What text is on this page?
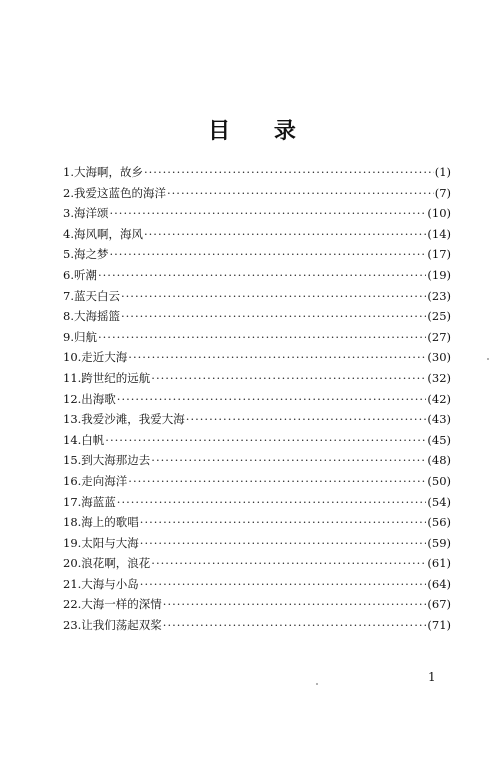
目 录
1. 大海啊，故乡 ·····	(1)
2. 我爱这蓝色的海洋 ·····	(7)
3. 海洋颂 ·····	(10)
4. 海风啊，海风 ·····	(14)
5. 海之梦 ·····	(17)
6. 听潮 ·····	(19)
7. 蓝天白云 ·····	(23)
8. 大海摇篮 ·····	(25)
9. 归航 ·····	(27)
10. 走近大海 ·····	(30)
11. 跨世纪的远航 ·····	(32)
12. 出海歌 ·····	(42)
13. 我爱沙滩，我爱大海 ·····	(43)
14. 白帆 ·····	(45)
15. 到大海那边去 ·····	(48)
16. 走向海洋 ·····	(50)
17. 海蓝蓝 ·····	(54)
18. 海上的歌唱 ·····	(56)
19. 太阳与大海 ·····	(59)
20. 浪花啊，浪花 ·····	(61)
21. 大海与小岛 ·····	(64)
22. 大海一样的深情 ·····	(67)
23. 让我们荡起双桨 ·····	(71)
1
